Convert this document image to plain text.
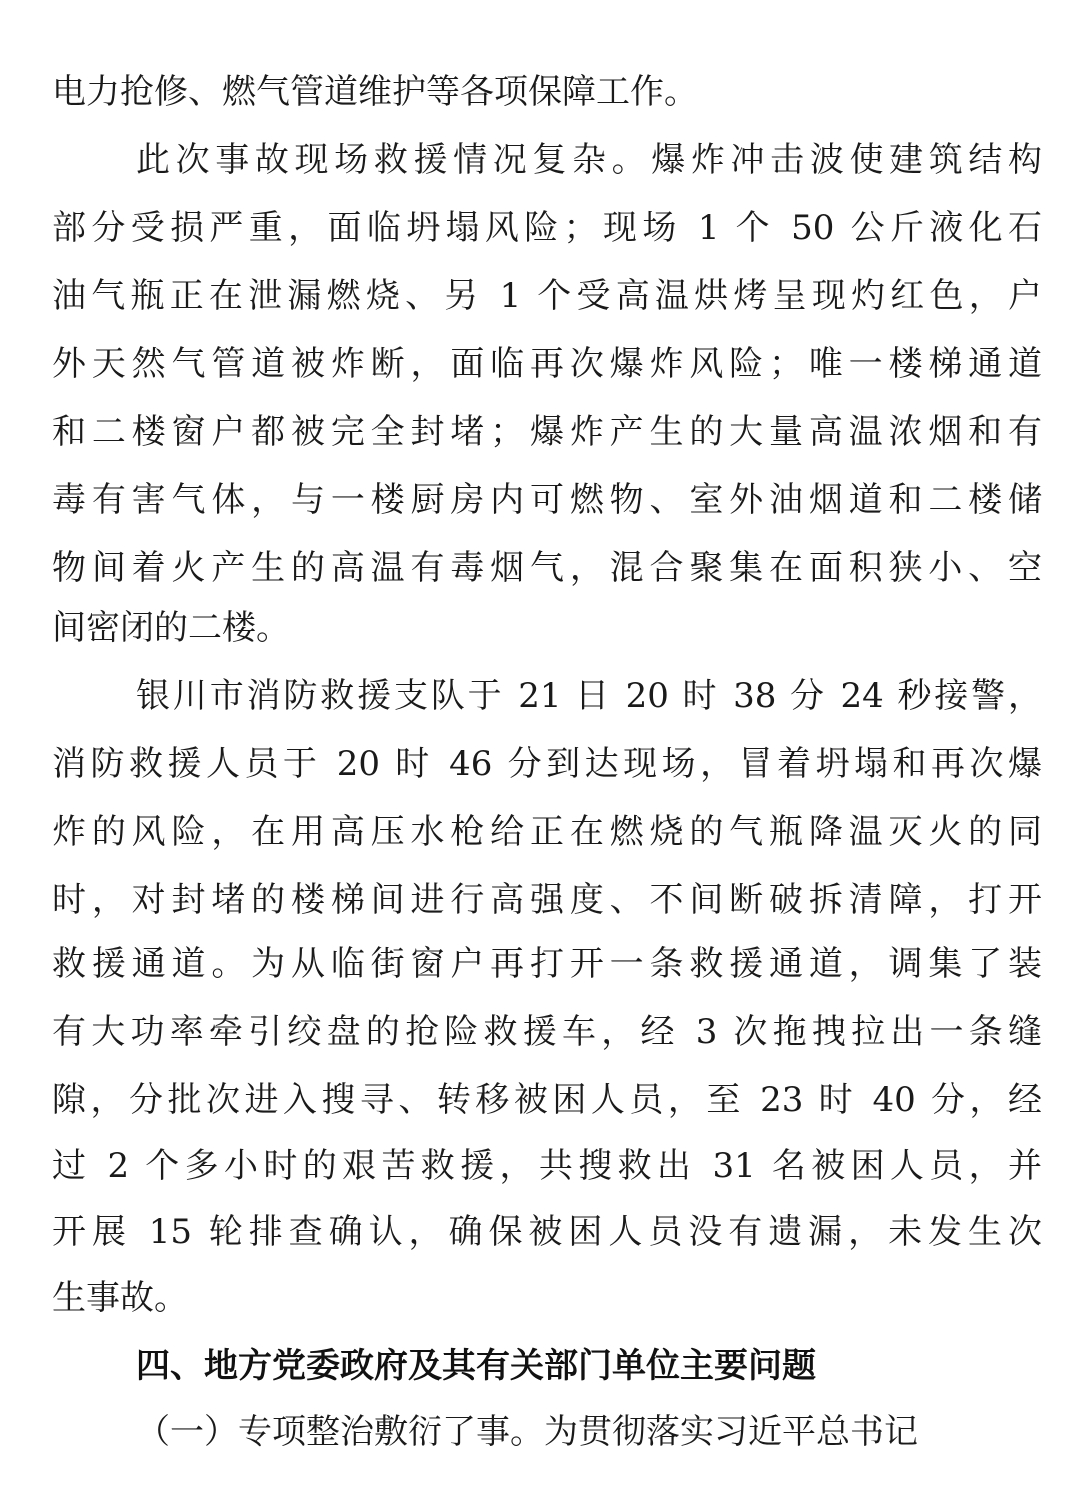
电力抢修、燃气管道维护等各项保障工作。
此次事故现场救援情况复杂。爆炸冲击波使建筑结构
部分受损严重，面临坍塌风险；现场 1 个 50 公斤液化石
油气瓶正在泄漏燃烧、另 1 个受高温烘烤呈现灼红色，户
外天然气管道被炸断，面临再次爆炸风险；唯一楼梯通道
和二楼窗户都被完全封堵；爆炸产生的大量高温浓烟和有
毒有害气体，与一楼厨房内可燃物、室外油烟道和二楼储
物间着火产生的高温有毒烟气，混合聚集在面积狭小、空
间密闭的二楼。
银川市消防救援支队于 21 日 20 时 38 分 24 秒接警，
消防救援人员于 20 时 46 分到达现场，冒着坍塌和再次爆
炸的风险，在用高压水枪给正在燃烧的气瓶降温灭火的同
时，对封堵的楼梯间进行高强度、不间断破拆清障，打开
救援通道。为从临街窗户再打开一条救援通道，调集了装
有大功率牵引绞盘的抢险救援车，经 3 次拖拽拉出一条缝
隙，分批次进入搜寻、转移被困人员，至 23 时 40 分，经
过 2 个多小时的艰苦救援，共搜救出 31 名被困人员，并
开展 15 轮排查确认，确保被困人员没有遗漏，未发生次
生事故。
四、地方党委政府及其有关部门单位主要问题
（一）专项整治敷衍了事。为贯彻落实习近平总书记
